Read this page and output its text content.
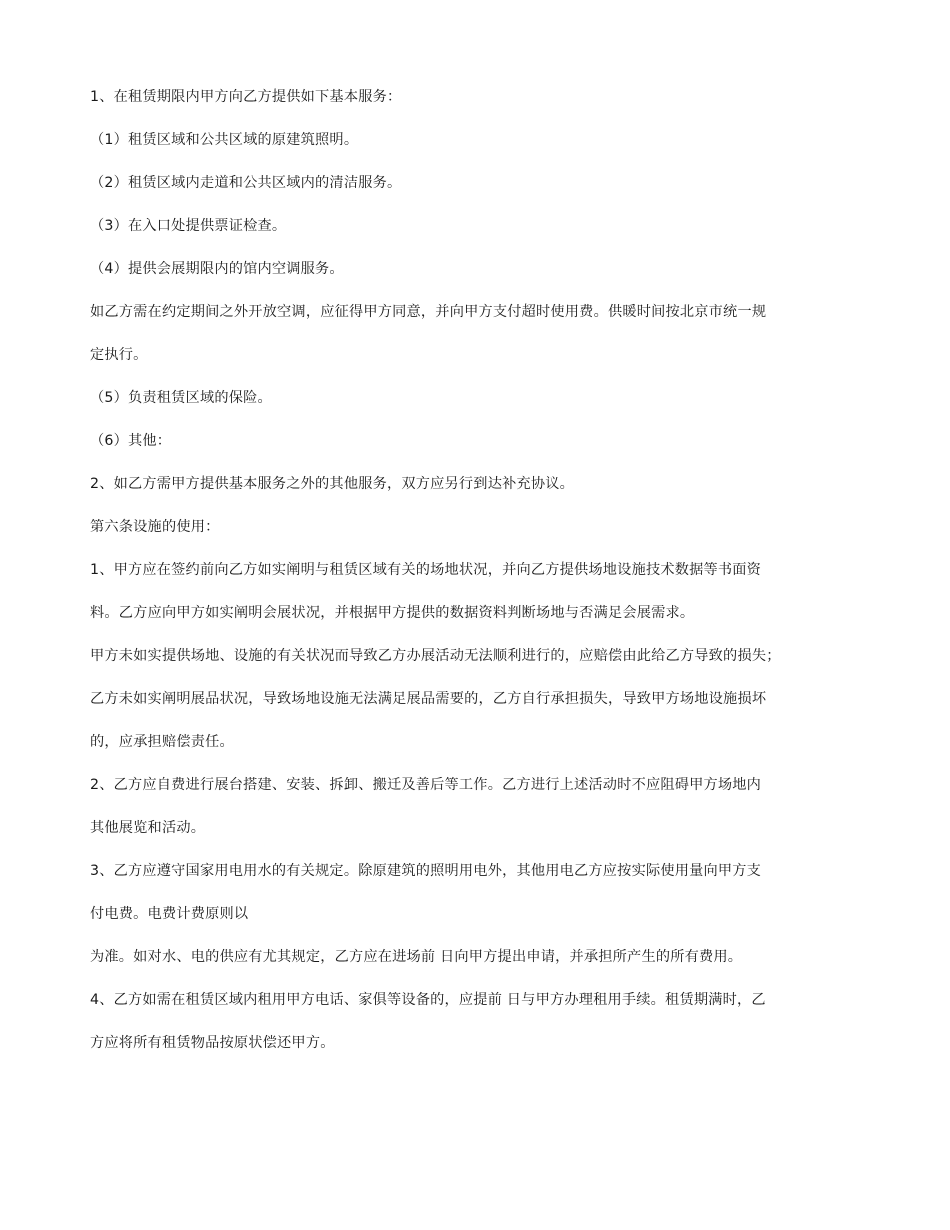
1、在租赁期限内甲方向乙方提供如下基本服务：
（1）租赁区域和公共区域的原建筑照明。
（2）租赁区域内走道和公共区域内的清洁服务。
（3）在入口处提供票证检查。
（4）提供会展期限内的馆内空调服务。
如乙方需在约定期间之外开放空调，应征得甲方同意，并向甲方支付超时使用费。供暖时间按北京市统一规
定执行。
（5）负责租赁区域的保险。
（6）其他：
2、如乙方需甲方提供基本服务之外的其他服务，双方应另行到达补充协议。
第六条设施的使用：
1、甲方应在签约前向乙方如实阐明与租赁区域有关的场地状况，并向乙方提供场地设施技术数据等书面资
料。乙方应向甲方如实阐明会展状况，并根据甲方提供的数据资料判断场地与否满足会展需求。
甲方未如实提供场地、设施的有关状况而导致乙方办展活动无法顺利进行的，应赔偿由此给乙方导致的损失；
乙方未如实阐明展品状况，导致场地设施无法满足展品需要的，乙方自行承担损失，导致甲方场地设施损坏
的，应承担赔偿责任。
2、乙方应自费进行展台搭建、安装、拆卸、搬迁及善后等工作。乙方进行上述活动时不应阻碍甲方场地内
其他展览和活动。
3、乙方应遵守国家用电用水的有关规定。除原建筑的照明用电外，其他用电乙方应按实际使用量向甲方支
付电费。电费计费原则以
为准。如对水、电的供应有尤其规定，乙方应在进场前 日向甲方提出申请，并承担所产生的所有费用。
4、乙方如需在租赁区域内租用甲方电话、家俱等设备的，应提前 日与甲方办理租用手续。租赁期满时，乙
方应将所有租赁物品按原状偿还甲方。
